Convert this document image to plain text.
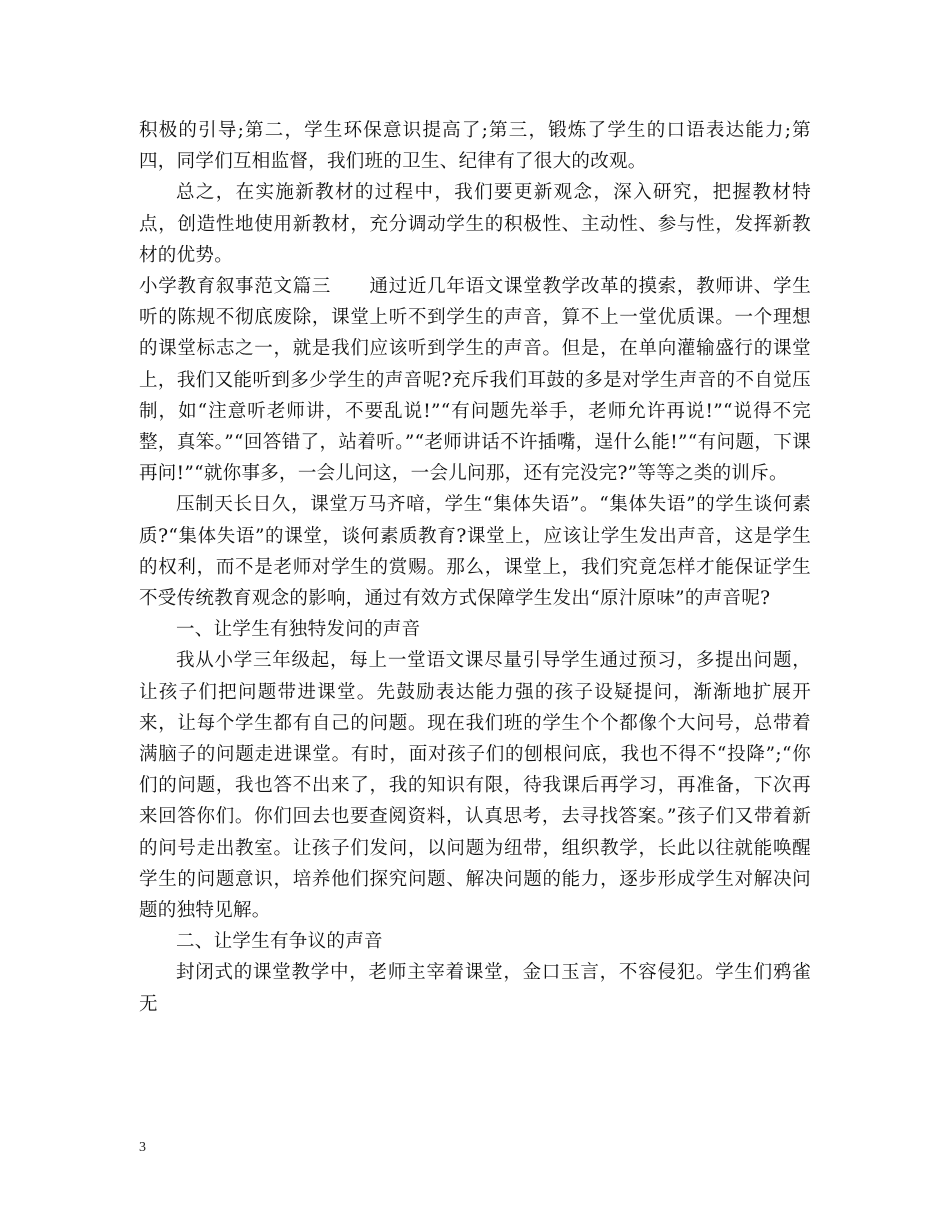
积极的引导;第二，学生环保意识提高了;第三，锻炼了学生的口语表达能力;第四，同学们互相监督，我们班的卫生、纪律有了很大的改观。

总之，在实施新教材的过程中，我们要更新观念，深入研究，把握教材特点，创造性地使用新教材，充分调动学生的积极性、主动性、参与性，发挥新教材的优势。

小学教育叙事范文篇三 通过近几年语文课堂教学改革的摸索，教师讲、学生听的陈规不彻底废除，课堂上听不到学生的声音，算不上一堂优质课。一个理想的课堂标志之一，就是我们应该听到学生的声音。但是，在单向灌输盛行的课堂上，我们又能听到多少学生的声音呢?充斥我们耳鼓的多是对学生声音的不自觉压制，如“注意听老师讲，不要乱说!”“有问题先举手，老师允许再说!”“说得不完整，真笨。”“回答错了，站着听。”“老师讲话不许插嘴，逞什么能!”“有问题，下课再问!”“就你事多，一会儿问这，一会儿问那，还有完没完?”等等之类的训斥。

压制天长日久，课堂万马齐喑，学生“集体失语”。“集体失语”的学生谈何素质?“集体失语”的课堂，谈何素质教育?课堂上，应该让学生发出声音，这是学生的权利，而不是老师对学生的赏赐。那么，课堂上，我们究竟怎样才能保证学生不受传统教育观念的影响，通过有效方式保障学生发出“原汁原味”的声音呢?

一、让学生有独特发问的声音

我从小学三年级起，每上一堂语文课尽量引导学生通过预习，多提出问题，让孩子们把问题带进课堂。先鼓励表达能力强的孩子设疑提问，渐渐地扩展开来，让每个学生都有自己的问题。现在我们班的学生个个都像个大问号，总带着满脑子的问题走进课堂。有时，面对孩子们的刨根问底，我也不得不“投降”;“你们的问题，我也答不出来了，我的知识有限，待我课后再学习，再准备，下次再来回答你们。你们回去也要查阅资料，认真思考，去寻找答案。”孩子们又带着新的问号走出教室。让孩子们发问，以问题为纽带，组织教学，长此以往就能唤醒学生的问题意识，培养他们探究问题、解决问题的能力，逐步形成学生对解决问题的独特见解。

二、让学生有争议的声音

封闭式的课堂教学中，老师主宰着课堂，金口玉言，不容侵犯。学生们鸦雀无

3
